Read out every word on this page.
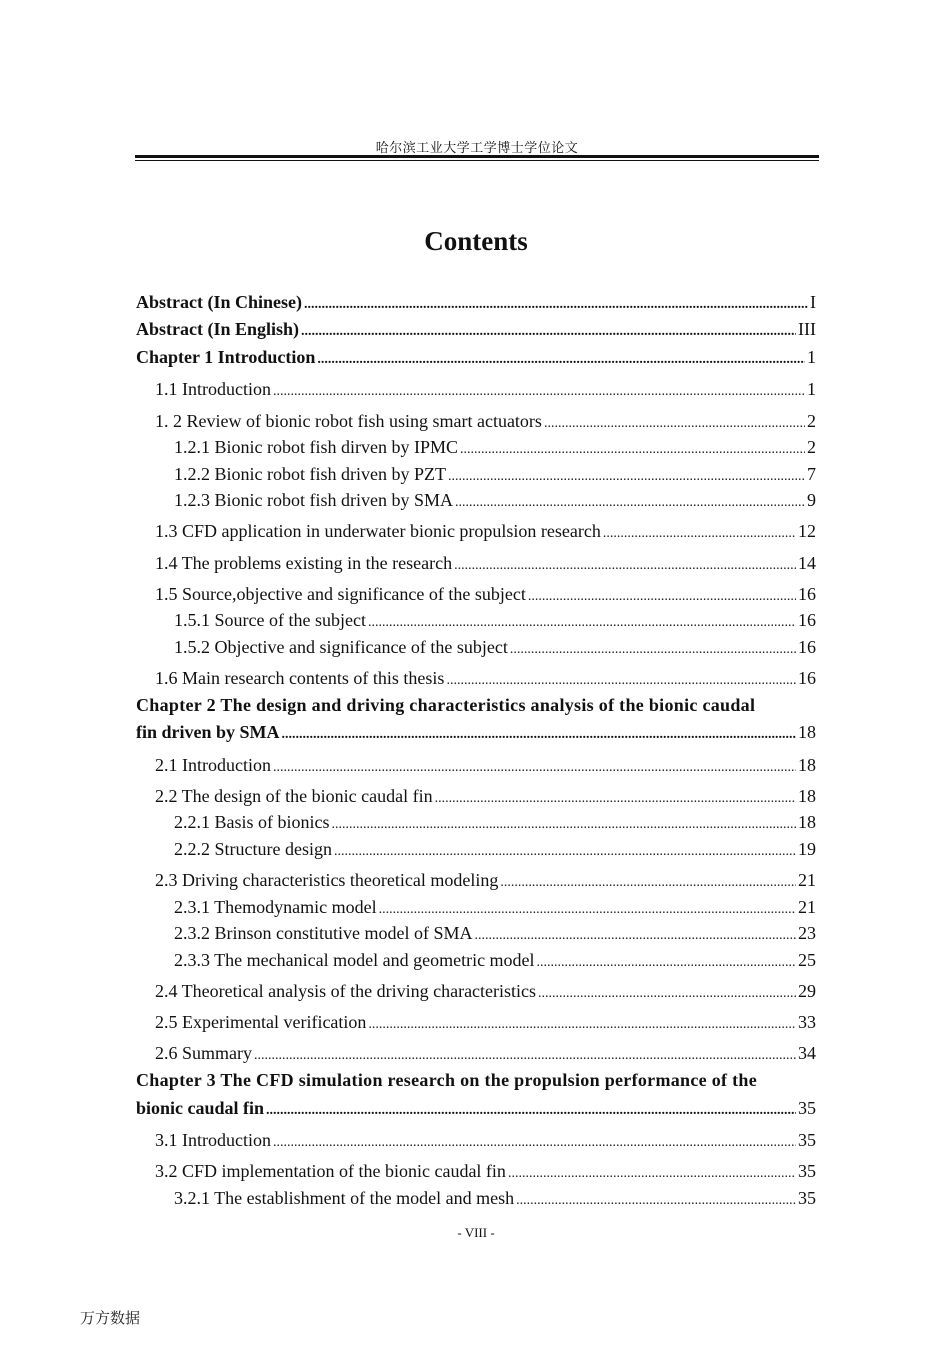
哈尔滨工业大学工学博士学位论文
Contents
Abstract (In Chinese) .....	I
Abstract (In English) .....	III
Chapter 1 Introduction .....	1
1.1 Introduction .....	1
1. 2 Review of bionic robot fish using smart actuators .....	2
1.2.1 Bionic robot fish dirven by IPMC .....	2
1.2.2 Bionic robot fish driven by PZT .....	7
1.2.3 Bionic robot fish driven by SMA .....	9
1.3 CFD application in underwater bionic propulsion research .....	12
1.4 The problems existing in the research .....	14
1.5 Source,objective and significance of the subject .....	16
1.5.1 Source of the subject .....	16
1.5.2 Objective and significance of the subject .....	16
1.6 Main research contents of this thesis .....	16
Chapter 2 The design and driving characteristics analysis of the bionic caudal
fin driven by SMA .....	18
2.1 Introduction .....	18
2.2 The design of the bionic caudal fin .....	18
2.2.1 Basis of bionics .....	18
2.2.2 Structure design .....	19
2.3 Driving characteristics theoretical modeling .....	21
2.3.1 Themodynamic model .....	21
2.3.2 Brinson constitutive model of SMA .....	23
2.3.3 The mechanical model and geometric model .....	25
2.4 Theoretical analysis of the driving characteristics .....	29
2.5 Experimental verification .....	33
2.6 Summary .....	34
Chapter 3 The CFD simulation research on the propulsion performance of the
bionic caudal fin .....	35
3.1 Introduction .....	35
3.2 CFD implementation of the bionic caudal fin .....	35
3.2.1 The establishment of the model and mesh .....	35
- VIII -
万方数据
